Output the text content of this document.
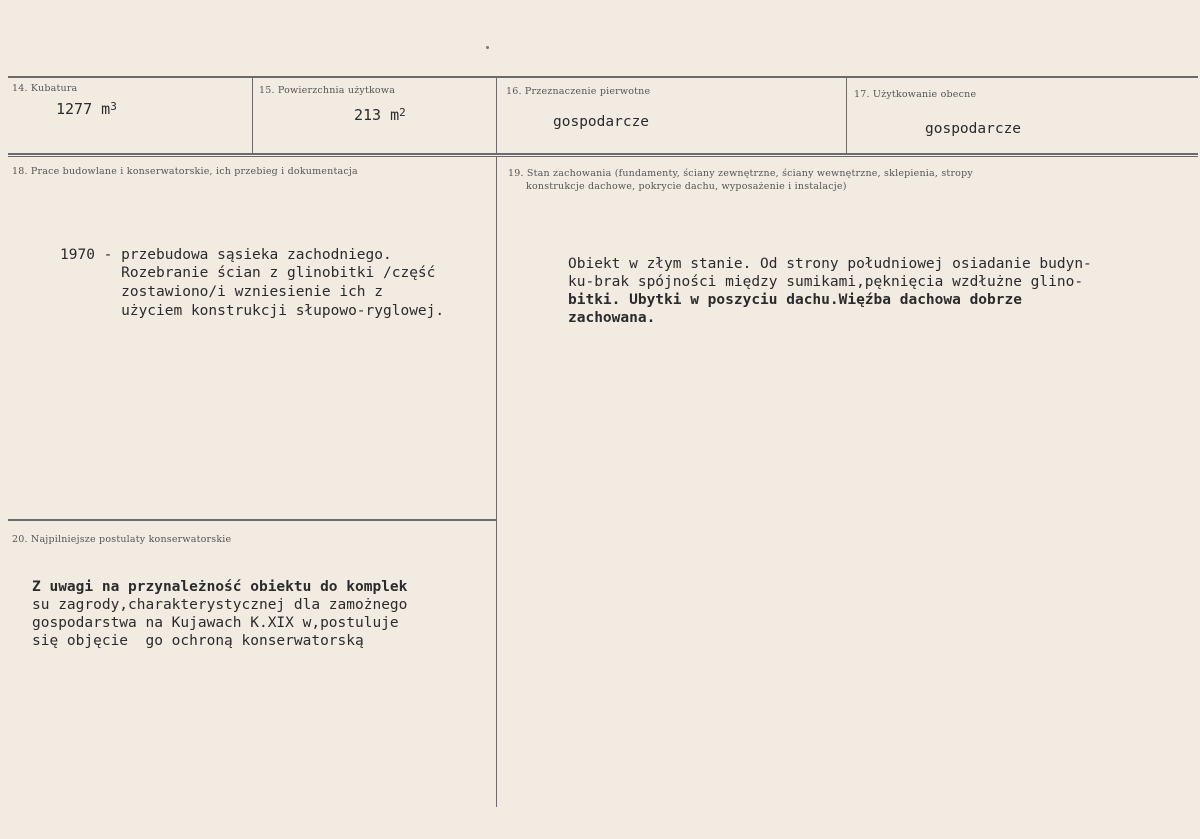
14. Kubatura
1277 $m^3$
15. Powierzchnia użytkowa
213 $m^2$
16. Przeznaczenie pierwotne
gospodarcze
17. Użytkowanie obecne
gospodarcze
18. Prace budowlane i konserwatorskie, ich przebieg i dokumentacja
1970 - przebudowa sąsieka zachodniego.
Rozebranie ścian z glinobitki /część
zostawiono/i wzniesienie ich z
użyciem konstrukcji słupowo-ryglowej.
19. Stan zachowania (fundamenty, ściany zewnętrzne, ściany wewnętrzne, sklepienia, stropy
konstrukcje dachowe, pokrycie dachu, wyposażenie i instalacje)
Obiekt w złym stanie. Od strony południowej osiadanie budyn-
ku-brak spójności między sumikami,pęknięcia wzdłużne glino-
bitki. Ubytki w poszyciu dachu.Więźba dachowa dobrze
zachowana.
20. Najpilniejsze postulaty konserwatorskie
Z uwagi na przynależność obiektu do komplek
su zagrody,charakterystycznej dla zamożnego
gospodarstwa na Kujawach K.XIX w,postuluje
się objęcie  go ochroną konserwatorską
